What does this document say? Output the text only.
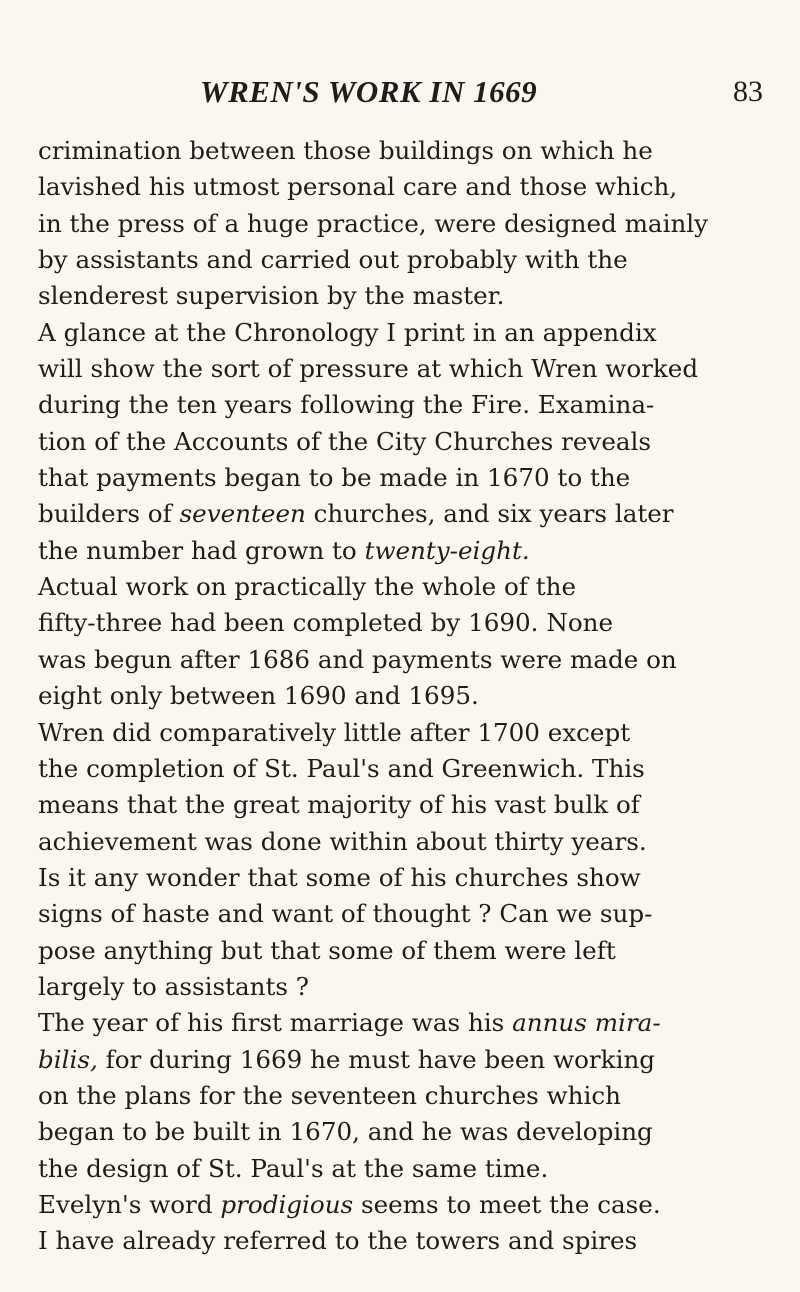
WREN'S WORK IN 1669	83

crimination between those buildings on which he
lavished his utmost personal care and those which,
in the press of a huge practice, were designed mainly
by assistants and carried out probably with the
slenderest supervision by the master.

A glance at the Chronology I print in an appendix
will show the sort of pressure at which Wren worked
during the ten years following the Fire. Examina-
tion of the Accounts of the City Churches reveals
that payments began to be made in 1670 to the
builders of seventeen churches, and six years later
the number had grown to twenty-eight.

Actual work on practically the whole of the
fifty-three had been completed by 1690. None
was begun after 1686 and payments were made on
eight only between 1690 and 1695.

Wren did comparatively little after 1700 except
the completion of St. Paul's and Greenwich. This
means that the great majority of his vast bulk of
achievement was done within about thirty years.

Is it any wonder that some of his churches show
signs of haste and want of thought ? Can we sup-
pose anything but that some of them were left
largely to assistants ?

The year of his first marriage was his annus mira-
bilis, for during 1669 he must have been working
on the plans for the seventeen churches which
began to be built in 1670, and he was developing
the design of St. Paul's at the same time.

Evelyn's word prodigious seems to meet the case.
I have already referred to the towers and spires
